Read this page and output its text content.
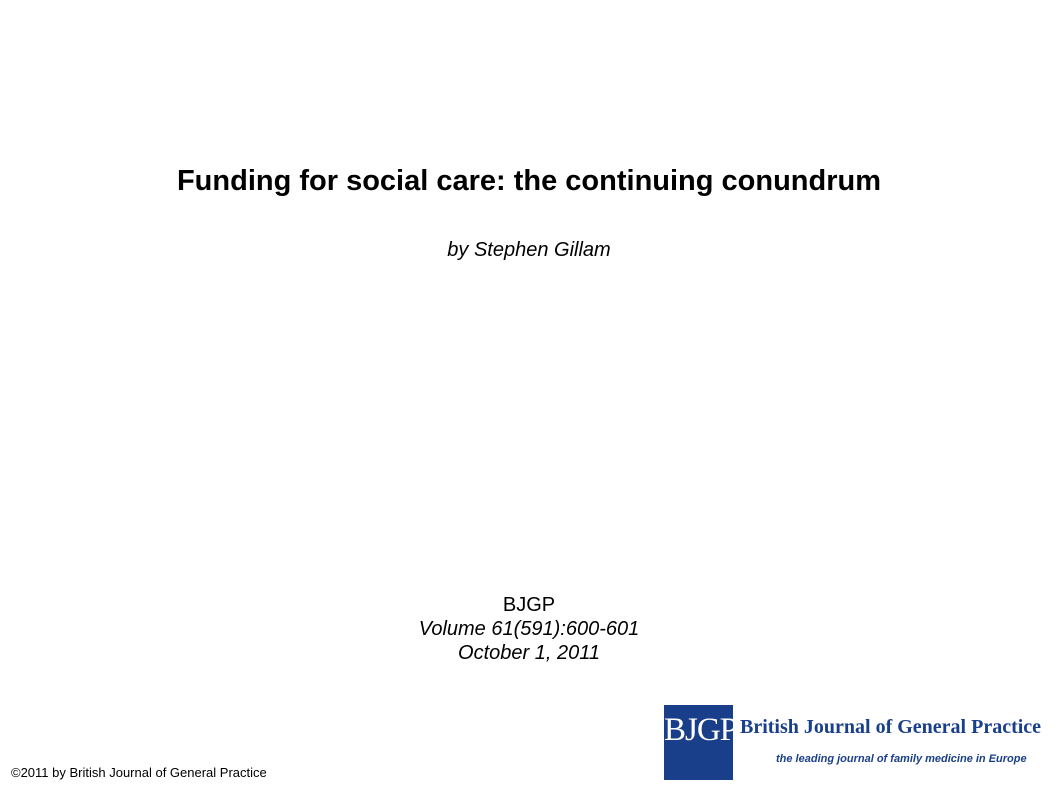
Funding for social care: the continuing conundrum
by Stephen Gillam
BJGP
Volume 61(591):600-601
October 1, 2011
©2011 by British Journal of General Practice
BJGP British Journal of General Practice
the leading journal of family medicine in Europe
